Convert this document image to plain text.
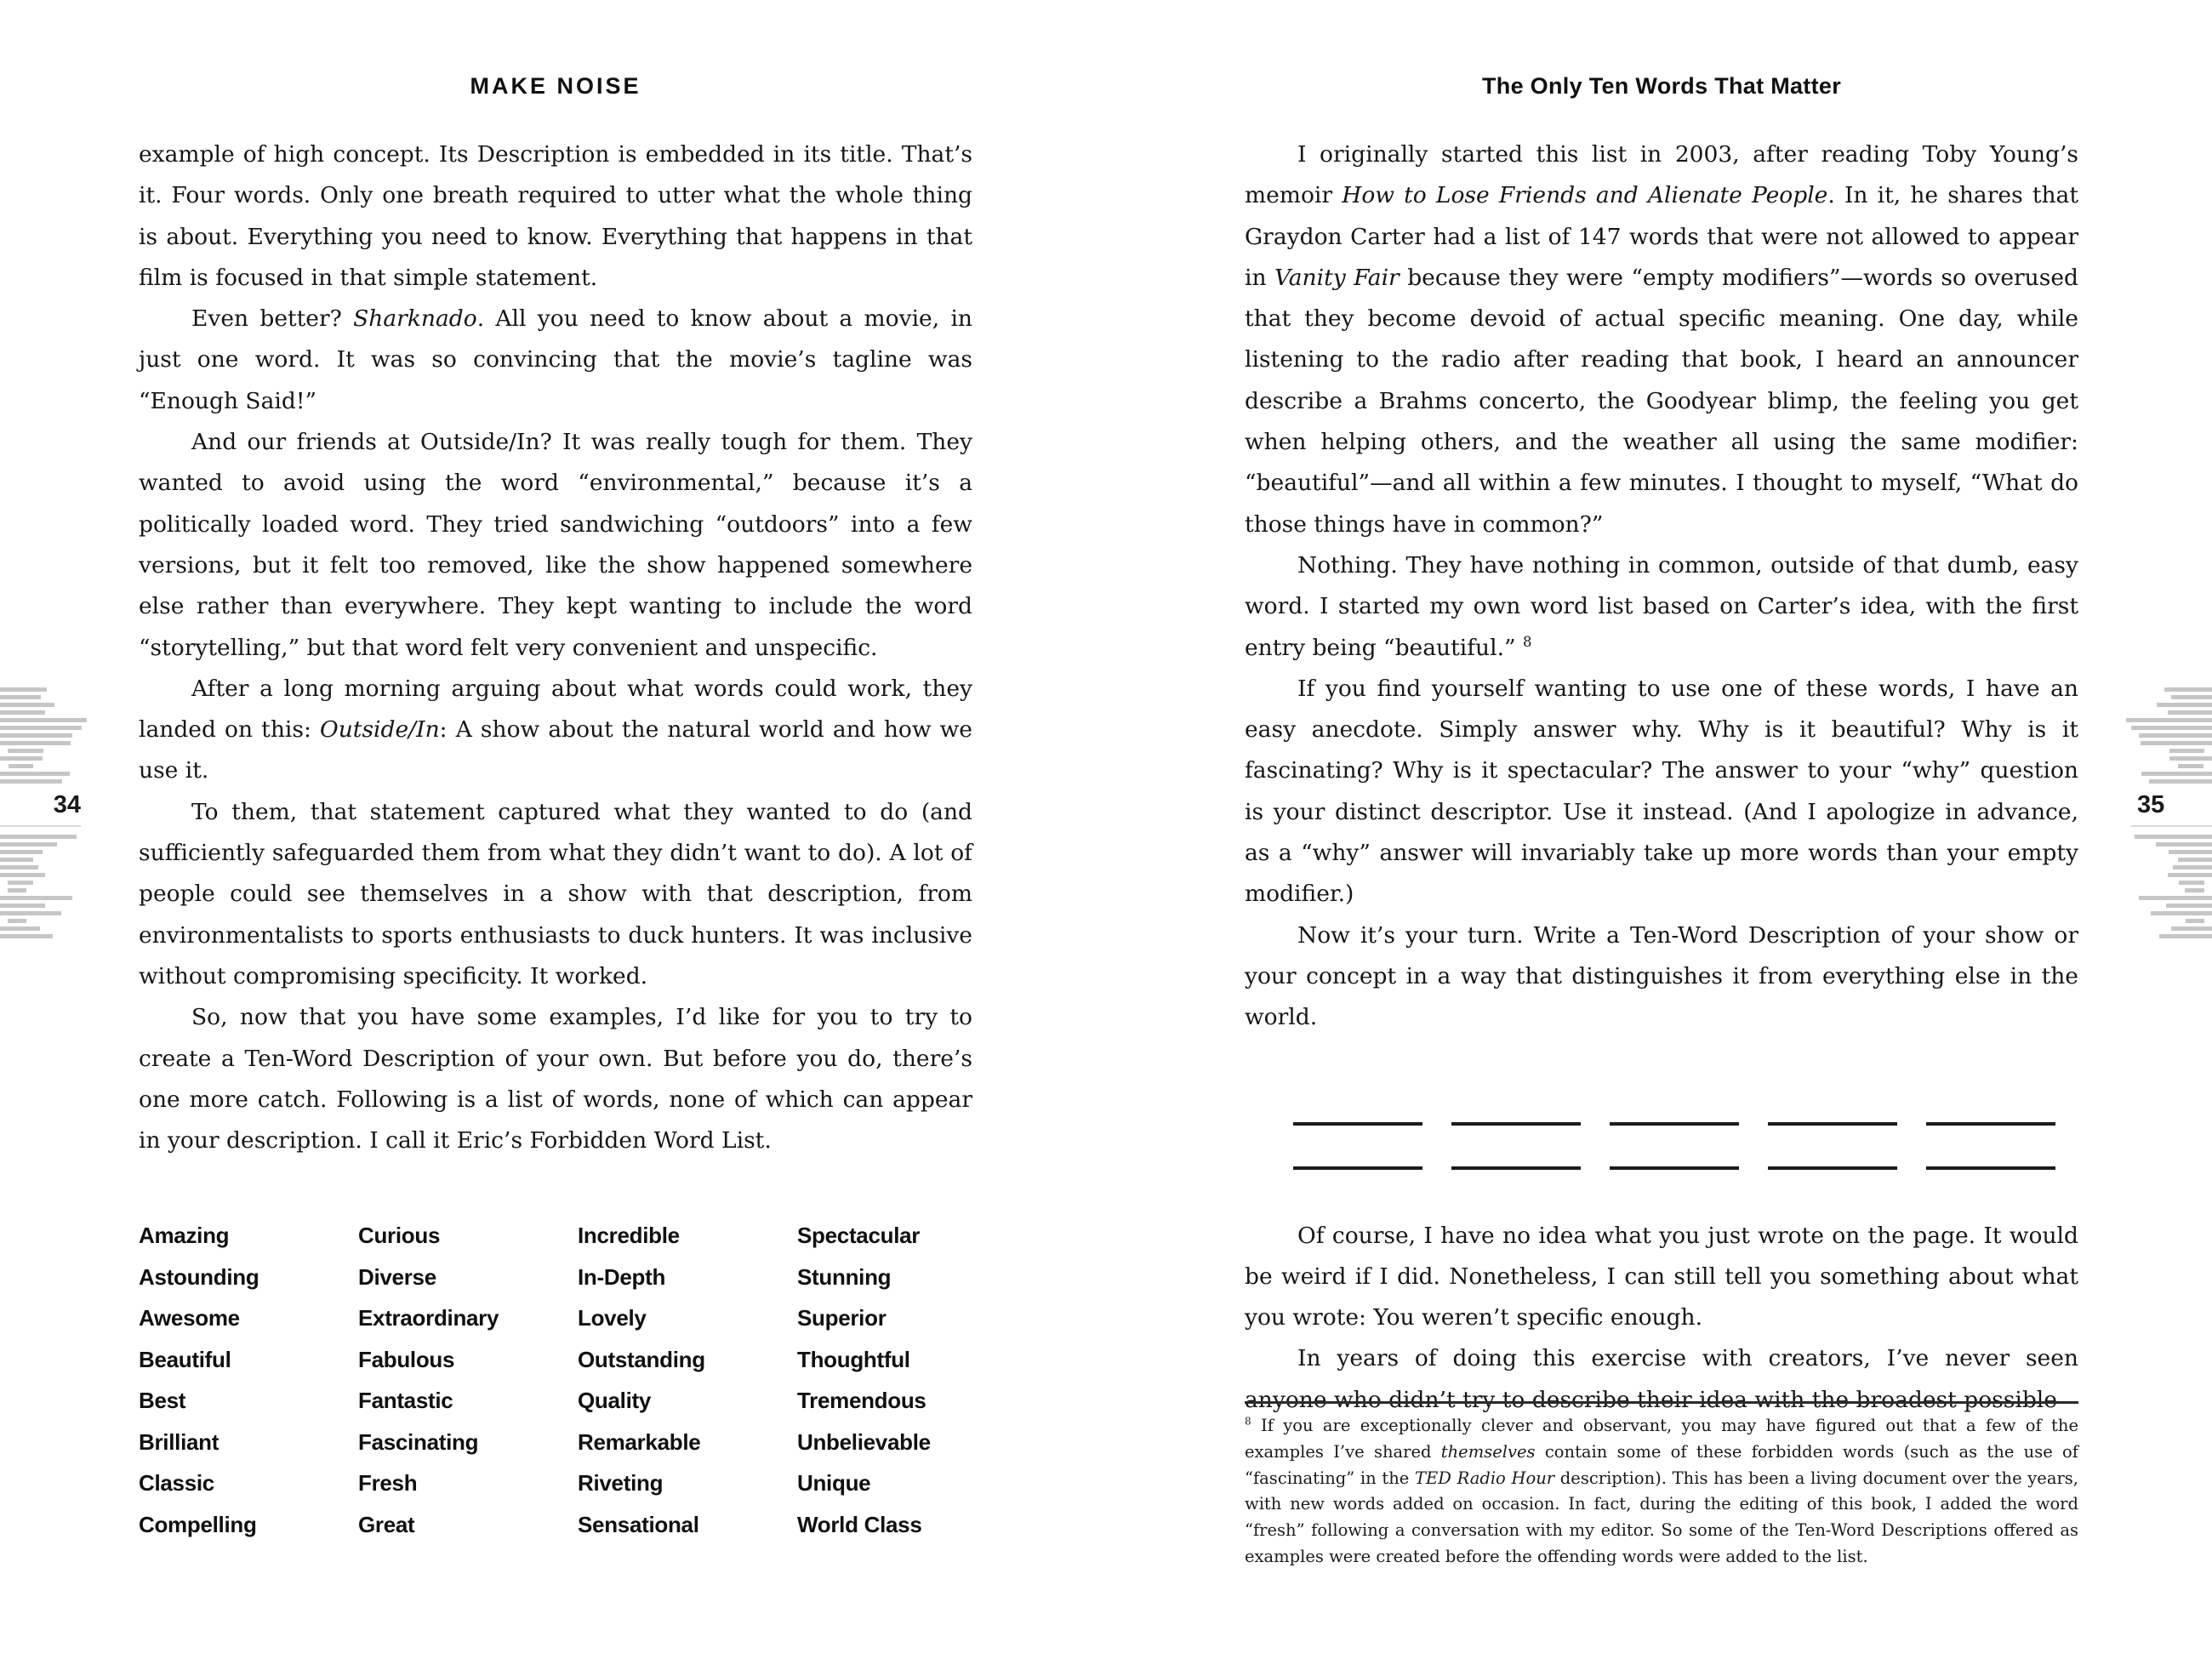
MAKE NOISE	The Only Ten Words That Matter

example of high concept. Its Description is embedded in its title. That’s it. Four words. Only one breath required to utter what the whole thing is about. Everything you need to know. Everything that happens in that film is focused in that simple statement.

Even better? Sharknado. All you need to know about a movie, in just one word. It was so convincing that the movie’s tagline was “Enough Said!”

And our friends at Outside/In? It was really tough for them. They wanted to avoid using the word “environmental,” because it’s a politically loaded word. They tried sandwiching “outdoors” into a few versions, but it felt too removed, like the show happened somewhere else rather than everywhere. They kept wanting to include the word “storytelling,” but that word felt very convenient and unspecific.

After a long morning arguing about what words could work, they landed on this: Outside/In: A show about the natural world and how we use it.

To them, that statement captured what they wanted to do (and sufficiently safeguarded them from what they didn’t want to do). A lot of people could see themselves in a show with that description, from environmentalists to sports enthusiasts to duck hunters. It was inclusive without compromising specificity. It worked.

So, now that you have some examples, I’d like for you to try to create a Ten-Word Description of your own. But before you do, there’s one more catch. Following is a list of words, none of which can appear in your description. I call it Eric’s Forbidden Word List.

Amazing
Astounding
Awesome
Beautiful
Best
Brilliant
Classic
Compelling
Curious
Diverse
Extraordinary
Fabulous
Fantastic
Fascinating
Fresh
Great
Incredible
In-Depth
Lovely
Outstanding
Quality
Remarkable
Riveting
Sensational
Spectacular
Stunning
Superior
Thoughtful
Tremendous
Unbelievable
Unique
World Class

I originally started this list in 2003, after reading Toby Young’s memoir How to Lose Friends and Alienate People. In it, he shares that Graydon Carter had a list of 147 words that were not allowed to appear in Vanity Fair because they were “empty modifiers”—words so overused that they become devoid of actual specific meaning. One day, while listening to the radio after reading that book, I heard an announcer describe a Brahms concerto, the Goodyear blimp, the feeling you get when helping others, and the weather all using the same modifier: “beautiful”—and all within a few minutes. I thought to myself, “What do those things have in common?”

Nothing. They have nothing in common, outside of that dumb, easy word. I started my own word list based on Carter’s idea, with the first entry being “beautiful.” $^8$

If you find yourself wanting to use one of these words, I have an easy anecdote. Simply answer why. Why is it beautiful? Why is it fascinating? Why is it spectacular? The answer to your “why” question is your distinct descriptor. Use it instead. (And I apologize in advance, as a “why” answer will invariably take up more words than your empty modifier.)

Now it’s your turn. Write a Ten-Word Description of your show or your concept in a way that distinguishes it from everything else in the world.

Of course, I have no idea what you just wrote on the page. It would be weird if I did. Nonetheless, I can still tell you something about what you wrote: You weren’t specific enough.

In years of doing this exercise with creators, I’ve never seen anyone who didn’t try to describe their idea with the broadest possible

$^8$ If you are exceptionally clever and observant, you may have figured out that a few of the examples I’ve shared themselves contain some of these forbidden words (such as the use of “fascinating” in the TED Radio Hour description). This has been a living document over the years, with new words added on occasion. In fact, during the editing of this book, I added the word “fresh” following a conversation with my editor. So some of the Ten-Word Descriptions offered as examples were created before the offending words were added to the list.

34	35
